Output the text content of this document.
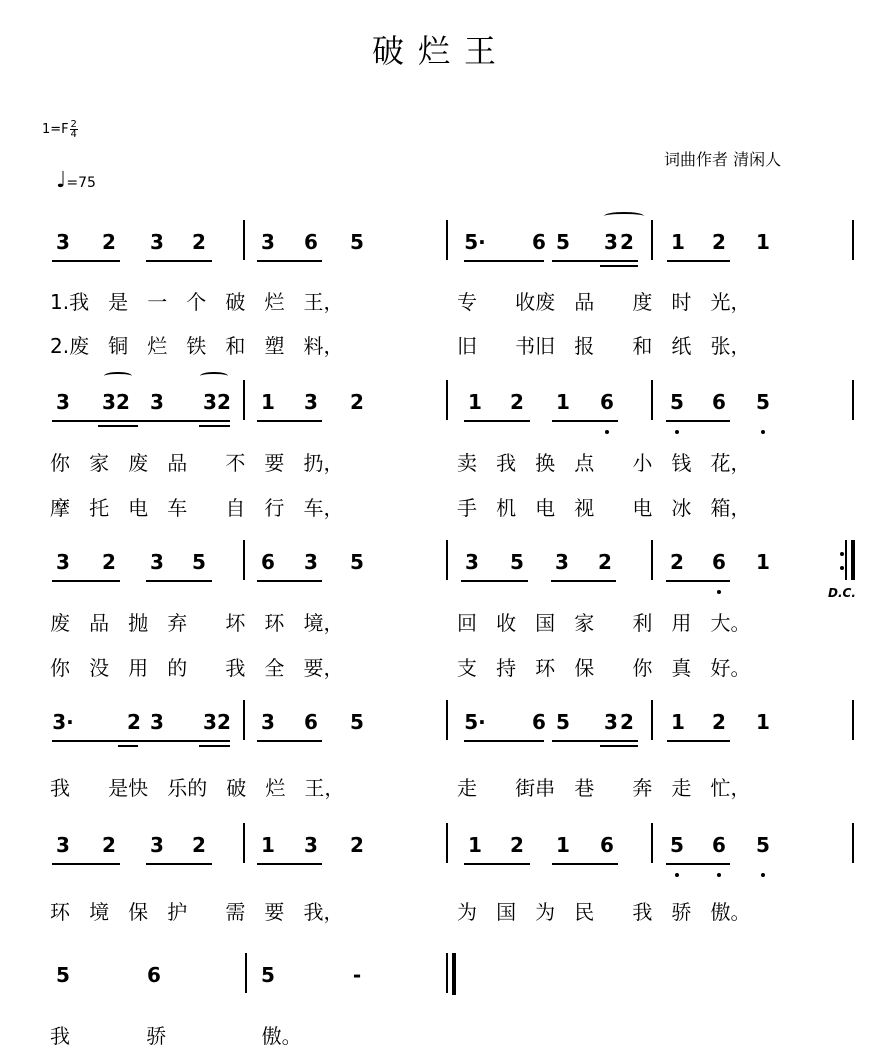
破烂王
$1=F\frac{2}{4}$
♩=75
词曲作者 清闲人
3 2 3 2	3 6 5	5· 6 5 3 2 1 2 1
1.我   是   一   个   破   烂   王，
2.废   铜   烂   铁   和   塑   料，
专      收废   品      度   时   光，
旧      书旧   报      和   纸   张，
3 3 2 3 3 2 1 3 2	1 2 1 6	5 6 5
你   家   废   品      不   要   扔，
摩   托   电   车      自   行   车，
卖   我   换   点      小   钱   花，
手   机   电   视      电   冰   箱，
3 2 3 5	6 3 5	3 5 3 2	2 6 1
废   品   抛   弃      坏   环   境，
你   没   用   的      我   全   要，
回   收   国   家      利   用   大。
支   持   环   保      你   真   好。
3·	2 3 3 2 3 6 5	5· 6 5 3 2 1 2 1
我      是快   乐的   破   烂   王，	走      街串   巷      奔   走   忙，
3 2 3 2	1 3 2	1 2 1 6	5 6 5
环   境   保   护      需   要   我，	为   国   为   民      我   骄   傲。
5	6	5	-
我            骄               傲。
D.C.
